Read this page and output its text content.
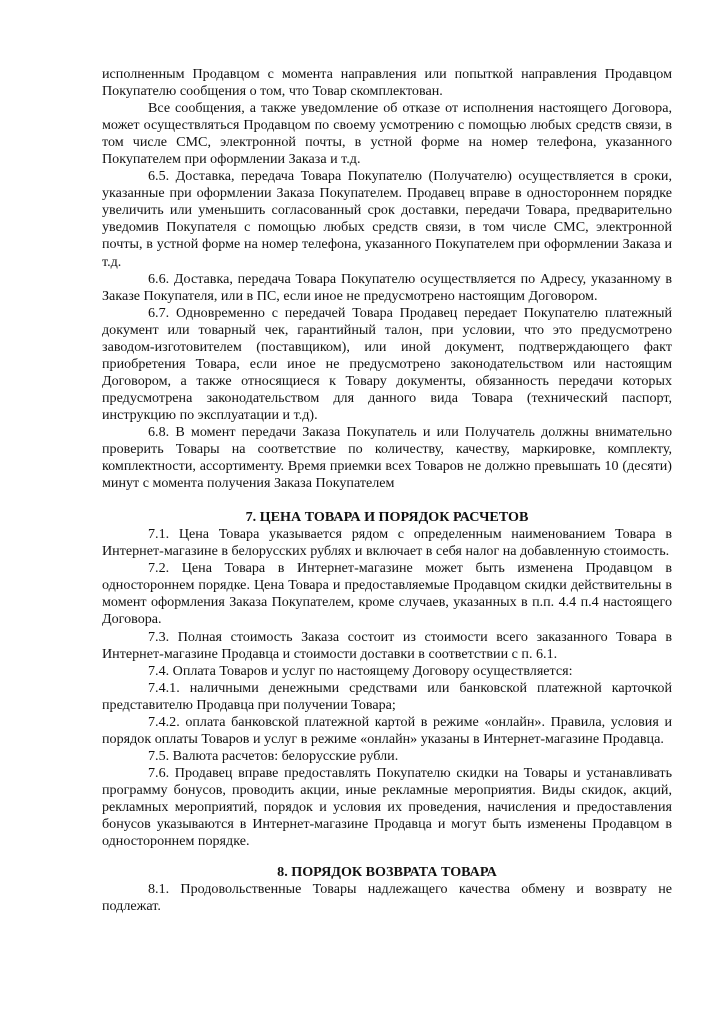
исполненным Продавцом с момента направления или попыткой направления Продавцом Покупателю сообщения о том, что Товар скомплектован.

Все сообщения, а также уведомление об отказе от исполнения настоящего Договора, может осуществляться Продавцом по своему усмотрению с помощью любых средств связи, в том числе СМС, электронной почты, в устной форме на номер телефона, указанного Покупателем при оформлении Заказа и т.д.

6.5. Доставка, передача Товара Покупателю (Получателю) осуществляется в сроки, указанные при оформлении Заказа Покупателем. Продавец вправе в одностороннем порядке увеличить или уменьшить согласованный срок доставки, передачи Товара, предварительно уведомив Покупателя с помощью любых средств связи, в том числе СМС, электронной почты, в устной форме на номер телефона, указанного Покупателем при оформлении Заказа и т.д.

6.6. Доставка, передача Товара Покупателю осуществляется по Адресу, указанному в Заказе Покупателя, или в ПС, если иное не предусмотрено настоящим Договором.

6.7. Одновременно с передачей Товара Продавец передает Покупателю платежный документ или товарный чек, гарантийный талон, при условии, что это предусмотрено заводом-изготовителем (поставщиком), или иной документ, подтверждающего факт приобретения Товара, если иное не предусмотрено законодательством или настоящим Договором, а также относящиеся к Товару документы, обязанность передачи которых предусмотрена законодательством для данного вида Товара (технический паспорт, инструкцию по эксплуатации и т.д).

6.8. В момент передачи Заказа Покупатель и или Получатель должны внимательно проверить Товары на соответствие по количеству, качеству, маркировке, комплекту, комплектности, ассортименту. Время приемки всех Товаров не должно превышать 10 (десяти) минут с момента получения Заказа Покупателем

7. ЦЕНА ТОВАРА И ПОРЯДОК РАСЧЕТОВ

7.1. Цена Товара указывается рядом с определенным наименованием Товара в Интернет-магазине в белорусских рублях и включает в себя налог на добавленную стоимость.

7.2. Цена Товара в Интернет-магазине может быть изменена Продавцом в одностороннем порядке. Цена Товара и предоставляемые Продавцом скидки действительны в момент оформления Заказа Покупателем, кроме случаев, указанных в п.п. 4.4 п.4 настоящего Договора.

7.3. Полная стоимость Заказа состоит из стоимости всего заказанного Товара в Интернет-магазине Продавца и стоимости доставки в соответствии с п. 6.1.

7.4. Оплата Товаров и услуг по настоящему Договору осуществляется:

7.4.1. наличными денежными средствами или банковской платежной карточкой представителю Продавца при получении Товара;

7.4.2. оплата банковской платежной картой в режиме «онлайн». Правила, условия и порядок оплаты Товаров и услуг в режиме «онлайн» указаны в Интернет-магазине Продавца.

7.5. Валюта расчетов: белорусские рубли.

7.6. Продавец вправе предоставлять Покупателю скидки на Товары и устанавливать программу бонусов, проводить акции, иные рекламные мероприятия. Виды скидок, акций, рекламных мероприятий, порядок и условия их проведения, начисления и предоставления бонусов указываются в Интернет-магазине Продавца и могут быть изменены Продавцом в одностороннем порядке.

8. ПОРЯДОК ВОЗВРАТА ТОВАРА

8.1. Продовольственные Товары надлежащего качества обмену и возврату не подлежат.
